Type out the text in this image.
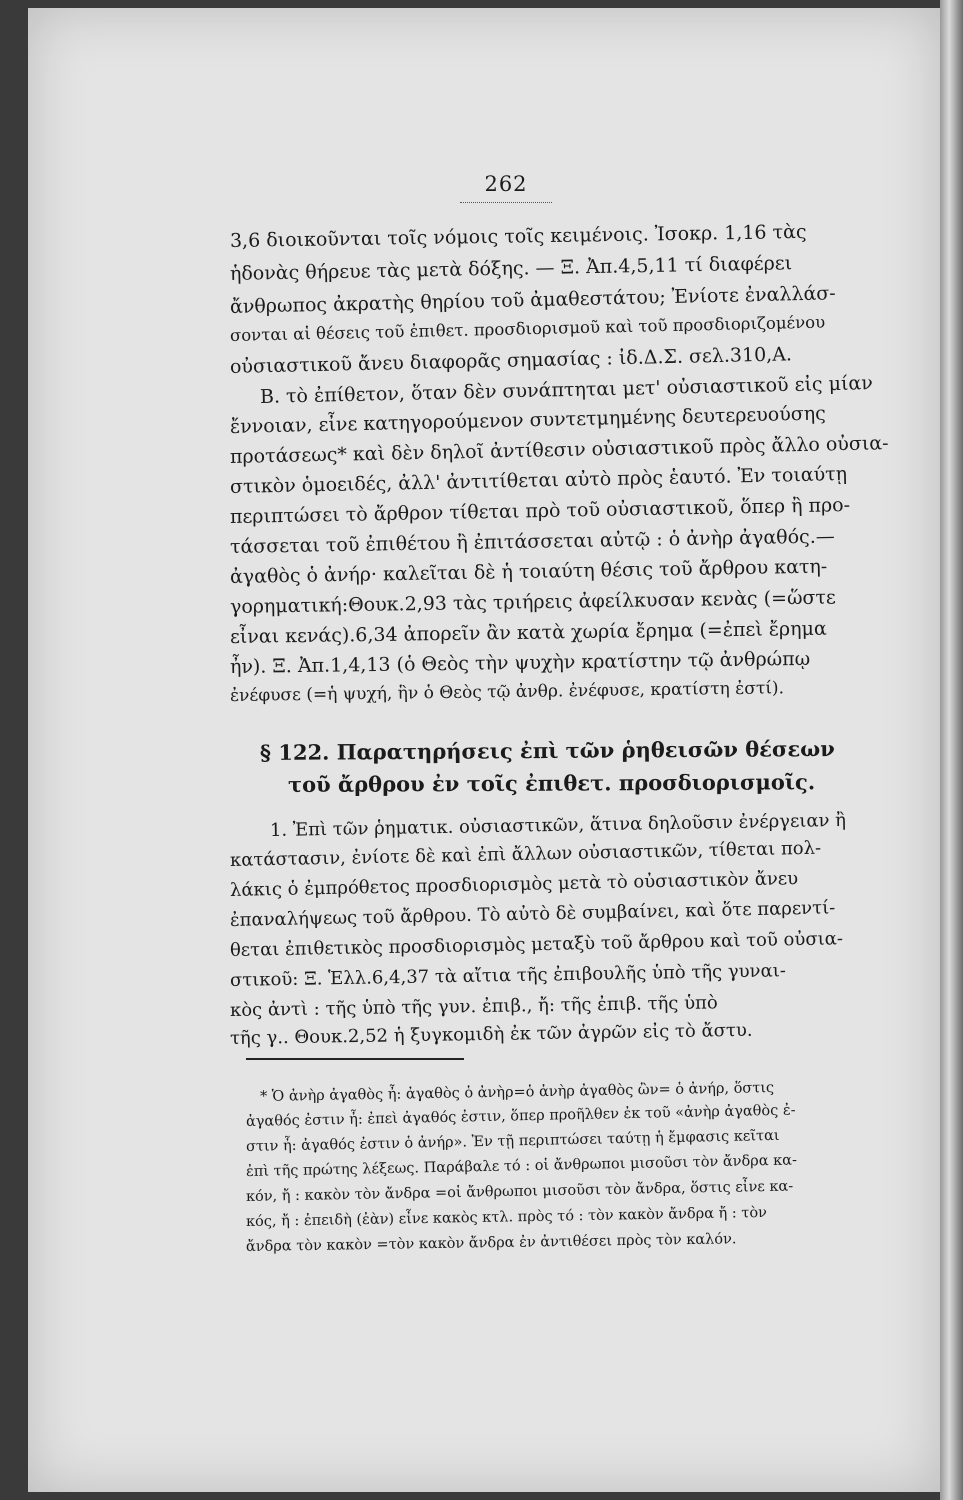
262
3,6 διοικοῦνται τοῖς νόμοις τοῖς κειμένοις. Ἰσοκρ. 1,16 τὰς
ἡδονὰς θήρευε τὰς μετὰ δόξης. — Ξ. Ἀπ.4,5,11 τί διαφέρει
ἄνθρωπος ἀκρατὴς θηρίου τοῦ ἀμαθεστάτου; Ἐνίοτε ἐναλλάσ-
σονται αἱ θέσεις τοῦ ἐπιθετ. προσδιορισμοῦ καὶ τοῦ προσδιοριζομένου
οὐσιαστικοῦ ἄνευ διαφορᾶς σημασίας : ἰδ.Δ.Σ. σελ.310,Α.
Β. τὸ ἐπίθετον, ὅταν δὲν συνάπτηται μετ' οὐσιαστικοῦ εἰς μίαν
ἔννοιαν, εἶνε κατηγορούμενον συντετμημένης δευτερευούσης
προτάσεως* καὶ δὲν δηλοῖ ἀντίθεσιν οὐσιαστικοῦ πρὸς ἄλλο οὐσια-
στικὸν ὁμοειδές, ἀλλ' ἀντιτίθεται αὐτὸ πρὸς ἑαυτό. Ἐν τοιαύτῃ
περιπτώσει τὸ ἄρθρον τίθεται πρὸ τοῦ οὐσιαστικοῦ, ὅπερ ἢ προ-
τάσσεται τοῦ ἐπιθέτου ἢ ἐπιτάσσεται αὐτῷ : ὁ ἀνὴρ ἀγαθός.—
ἀγαθὸς ὁ ἀνήρ· καλεῖται δὲ ἡ τοιαύτη θέσις τοῦ ἄρθρου κατη-
γορηματική:Θουκ.2,93 τὰς τριήρεις ἀφείλκυσαν κενὰς (=ὥστε
εἶναι κενάς).6,34 ἀπορεῖν ἂν κατὰ χωρία ἔρημα (=ἐπεὶ ἔρημα
ἦν). Ξ. Ἀπ.1,4,13 (ὁ Θεὸς τὴν ψυχὴν κρατίστην τῷ ἀνθρώπῳ
ἐνέφυσε (=ἡ ψυχή, ἣν ὁ Θεὸς τῷ ἀνθρ. ἐνέφυσε, κρατίστη ἐστί).
§ 122. Παρατηρήσεις ἐπὶ τῶν ῥηθεισῶν θέσεων
τοῦ ἄρθρου ἐν τοῖς ἐπιθετ. προσδιορισμοῖς.
1. Ἐπὶ τῶν ῥηματικ. οὐσιαστικῶν, ἅτινα δηλοῦσιν ἐνέργειαν ἢ
κατάστασιν, ἐνίοτε δὲ καὶ ἐπὶ ἄλλων οὐσιαστικῶν, τίθεται πολ-
λάκις ὁ ἐμπρόθετος προσδιορισμὸς μετὰ τὸ οὐσιαστικὸν ἄνευ
ἐπαναλήψεως τοῦ ἄρθρου. Τὸ αὐτὸ δὲ συμβαίνει, καὶ ὅτε παρεντί-
θεται ἐπιθετικὸς προσδιορισμὸς μεταξὺ τοῦ ἄρθρου καὶ τοῦ οὐσια-
στικοῦ: Ξ. Ἑλλ.6,4,37 τὰ αἴτια τῆς ἐπιβουλῆς ὑπὸ τῆς γυναι-
κὸς ἀντὶ : τῆς ὑπὸ τῆς γυν. ἐπιβ., ἤ: τῆς ἐπιβ. τῆς ὑπὸ
τῆς γ.. Θουκ.2,52 ἡ ξυγκομιδὴ ἐκ τῶν ἀγρῶν εἰς τὸ ἄστυ.
* Ὁ ἀνὴρ ἀγαθὸς ἦ: ἀγαθὸς ὁ ἀνὴρ=ὁ ἀνὴρ ἀγαθὸς ὢν= ὁ ἀνήρ, ὅστις
ἀγαθός ἐστιν ἦ: ἐπεὶ ἀγαθός ἐστιν, ὅπερ προῆλθεν ἐκ τοῦ «ἀνὴρ ἀγαθὸς ἐ-
στιν ἦ: ἀγαθός ἐστιν ὁ ἀνήρ». Ἐν τῇ περιπτώσει ταύτῃ ἡ ἔμφασις κεῖται
ἐπὶ τῆς πρώτης λέξεως. Παράβαλε τό : οἱ ἄνθρωποι μισοῦσι τὸν ἄνδρα κα-
κόν, ἤ : κακὸν τὸν ἄνδρα =οἱ ἄνθρωποι μισοῦσι τὸν ἄνδρα, ὅστις εἶνε κα-
κός, ἤ : ἐπειδὴ (ἐὰν) εἶνε κακὸς κτλ. πρὸς τό : τὸν κακὸν ἄνδρα ἤ : τὸν
ἄνδρα τὸν κακὸν =τὸν κακὸν ἄνδρα ἐν ἀντιθέσει πρὸς τὸν καλόν.
